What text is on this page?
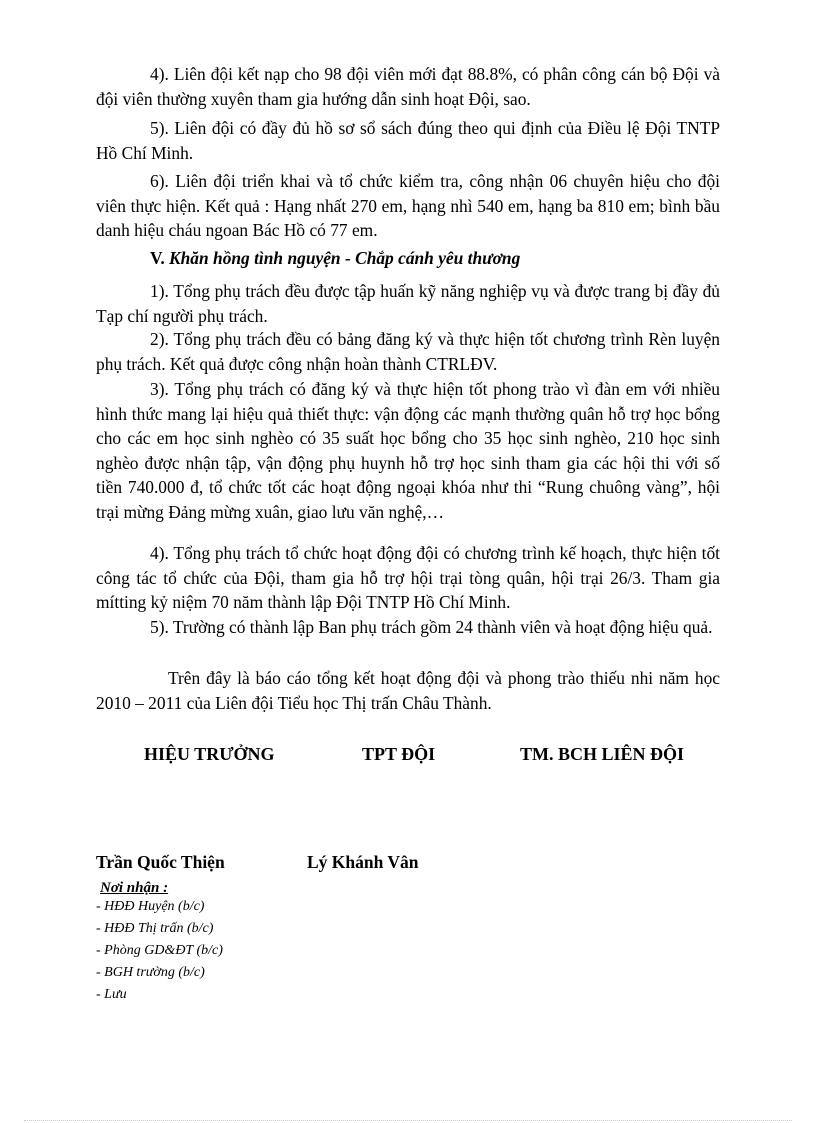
4). Liên đội kết nạp cho 98 đội viên mới đạt 88.8%, có phân công cán bộ Đội và đội viên thường xuyên tham gia hướng dẫn sinh hoạt Đội, sao.

5). Liên đội có đầy đủ hồ sơ sổ sách đúng theo qui định của Điều lệ Đội TNTP Hồ Chí Minh.

6). Liên đội triển khai và tổ chức kiểm tra, công nhận 06 chuyên hiệu cho đội viên thực hiện. Kết quả : Hạng nhất 270 em, hạng nhì 540 em, hạng ba 810 em; bình bầu danh hiệu cháu ngoan Bác Hồ có 77 em.

V. Khăn hồng tình nguyện - Chắp cánh yêu thương

1). Tổng phụ trách đều được tập huấn kỹ năng nghiệp vụ và được trang bị đầy đủ Tạp chí người phụ trách.

2). Tổng phụ trách đều có bảng đăng ký và thực hiện tốt chương trình Rèn luyện phụ trách. Kết quả được công nhận hoàn thành CTRLĐV.

3). Tổng phụ trách có đăng ký và thực hiện tốt phong trào vì đàn em với nhiều hình thức mang lại hiệu quả thiết thực: vận động các mạnh thường quân hỗ trợ học bổng cho các em học sinh nghèo có 35 suất học bổng cho 35 học sinh nghèo, 210 học sinh nghèo được nhận tập, vận động phụ huynh hỗ trợ học sinh tham gia các hội thi với số tiền 740.000 đ, tổ chức tốt các hoạt động ngoại khóa như thi “Rung chuông vàng”, hội trại mừng Đảng mừng xuân, giao lưu văn nghệ,…

4). Tổng phụ trách tổ chức hoạt động đội có chương trình kế hoạch, thực hiện tốt công tác tổ chức của Đội, tham gia hỗ trợ hội trại tòng quân, hội trại 26/3. Tham gia mítting kỷ niệm 70 năm thành lập Đội TNTP Hồ Chí Minh.

5). Trường có thành lập Ban phụ trách gồm 24 thành viên và hoạt động hiệu quả.

Trên đây là báo cáo tổng kết hoạt động đội và phong trào thiếu nhi năm học 2010 – 2011 của Liên đội Tiểu học Thị trấn Châu Thành.

HIỆU TRƯỞNG	TPT ĐỘI	TM. BCH LIÊN ĐỘI

Trần Quốc Thiện	Lý Khánh Vân

Nơi nhận :

- HĐĐ Huyện (b/c)
- HĐĐ Thị trấn (b/c)
- Phòng GD&ĐT (b/c)
- BGH trường (b/c)
- Lưu
